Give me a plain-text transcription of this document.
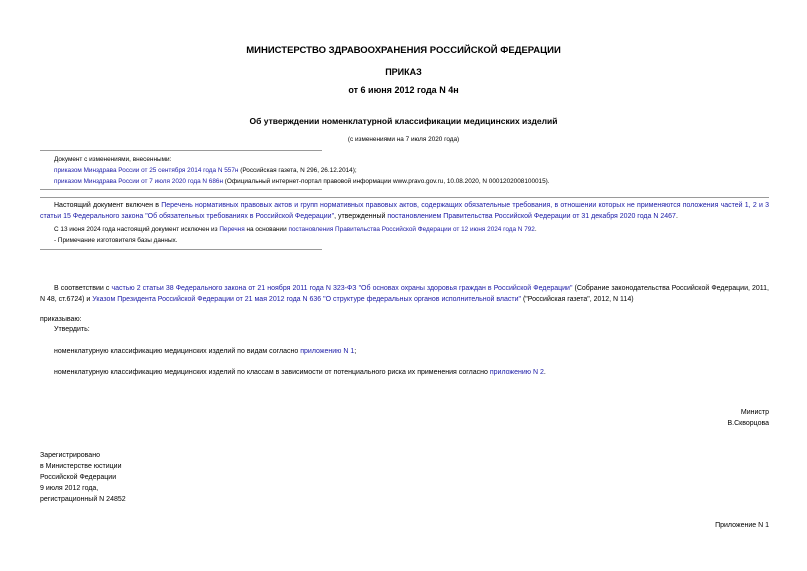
МИНИСТЕРСТВО ЗДРАВООХРАНЕНИЯ РОССИЙСКОЙ ФЕДЕРАЦИИ
ПРИКАЗ
от 6 июня 2012 года N 4н
Об утверждении номенклатурной классификации медицинских изделий
(с изменениями на 7 июля 2020 года)
Документ с изменениями, внесенными:
приказом Минздрава России от 25 сентября 2014 года N 557н (Российская газета, N 296, 26.12.2014);
приказом Минздрава России от 7 июля 2020 года N 686н (Официальный интернет-портал правовой информации www.pravo.gov.ru, 10.08.2020, N 0001202008100015).
Настоящий документ включен в Перечень нормативных правовых актов и групп нормативных правовых актов, содержащих обязательные требования, в отношении которых не применяются положения частей 1, 2 и 3 статьи 15 Федерального закона "Об обязательных требованиях в Российской Федерации", утвержденный постановлением Правительства Российской Федерации от 31 декабря 2020 года N 2467.
С 13 июня 2024 года настоящий документ исключен из Перечня на основании постановления Правительства Российской Федерации от 12 июня 2024 года N 792.
- Примечание изготовителя базы данных.
В соответствии с частью 2 статьи 38 Федерального закона от 21 ноября 2011 года N 323-ФЗ "Об основах охраны здоровья граждан в Российской Федерации" (Собрание законодательства Российской Федерации, 2011, N 48, ст.6724) и Указом Президента Российской Федерации от 21 мая 2012 года N 636 "О структуре федеральных органов исполнительной власти" ("Российская газета", 2012, N 114)
приказываю:
Утвердить:
номенклатурную классификацию медицинских изделий по видам согласно приложению N 1;
номенклатурную классификацию медицинских изделий по классам в зависимости от потенциального риска их применения согласно приложению N 2.
Министр
В.Скворцова
Зарегистрировано
в Министерстве юстиции
Российской Федерации
9 июля 2012 года,
регистрационный N 24852
Приложение N 1
